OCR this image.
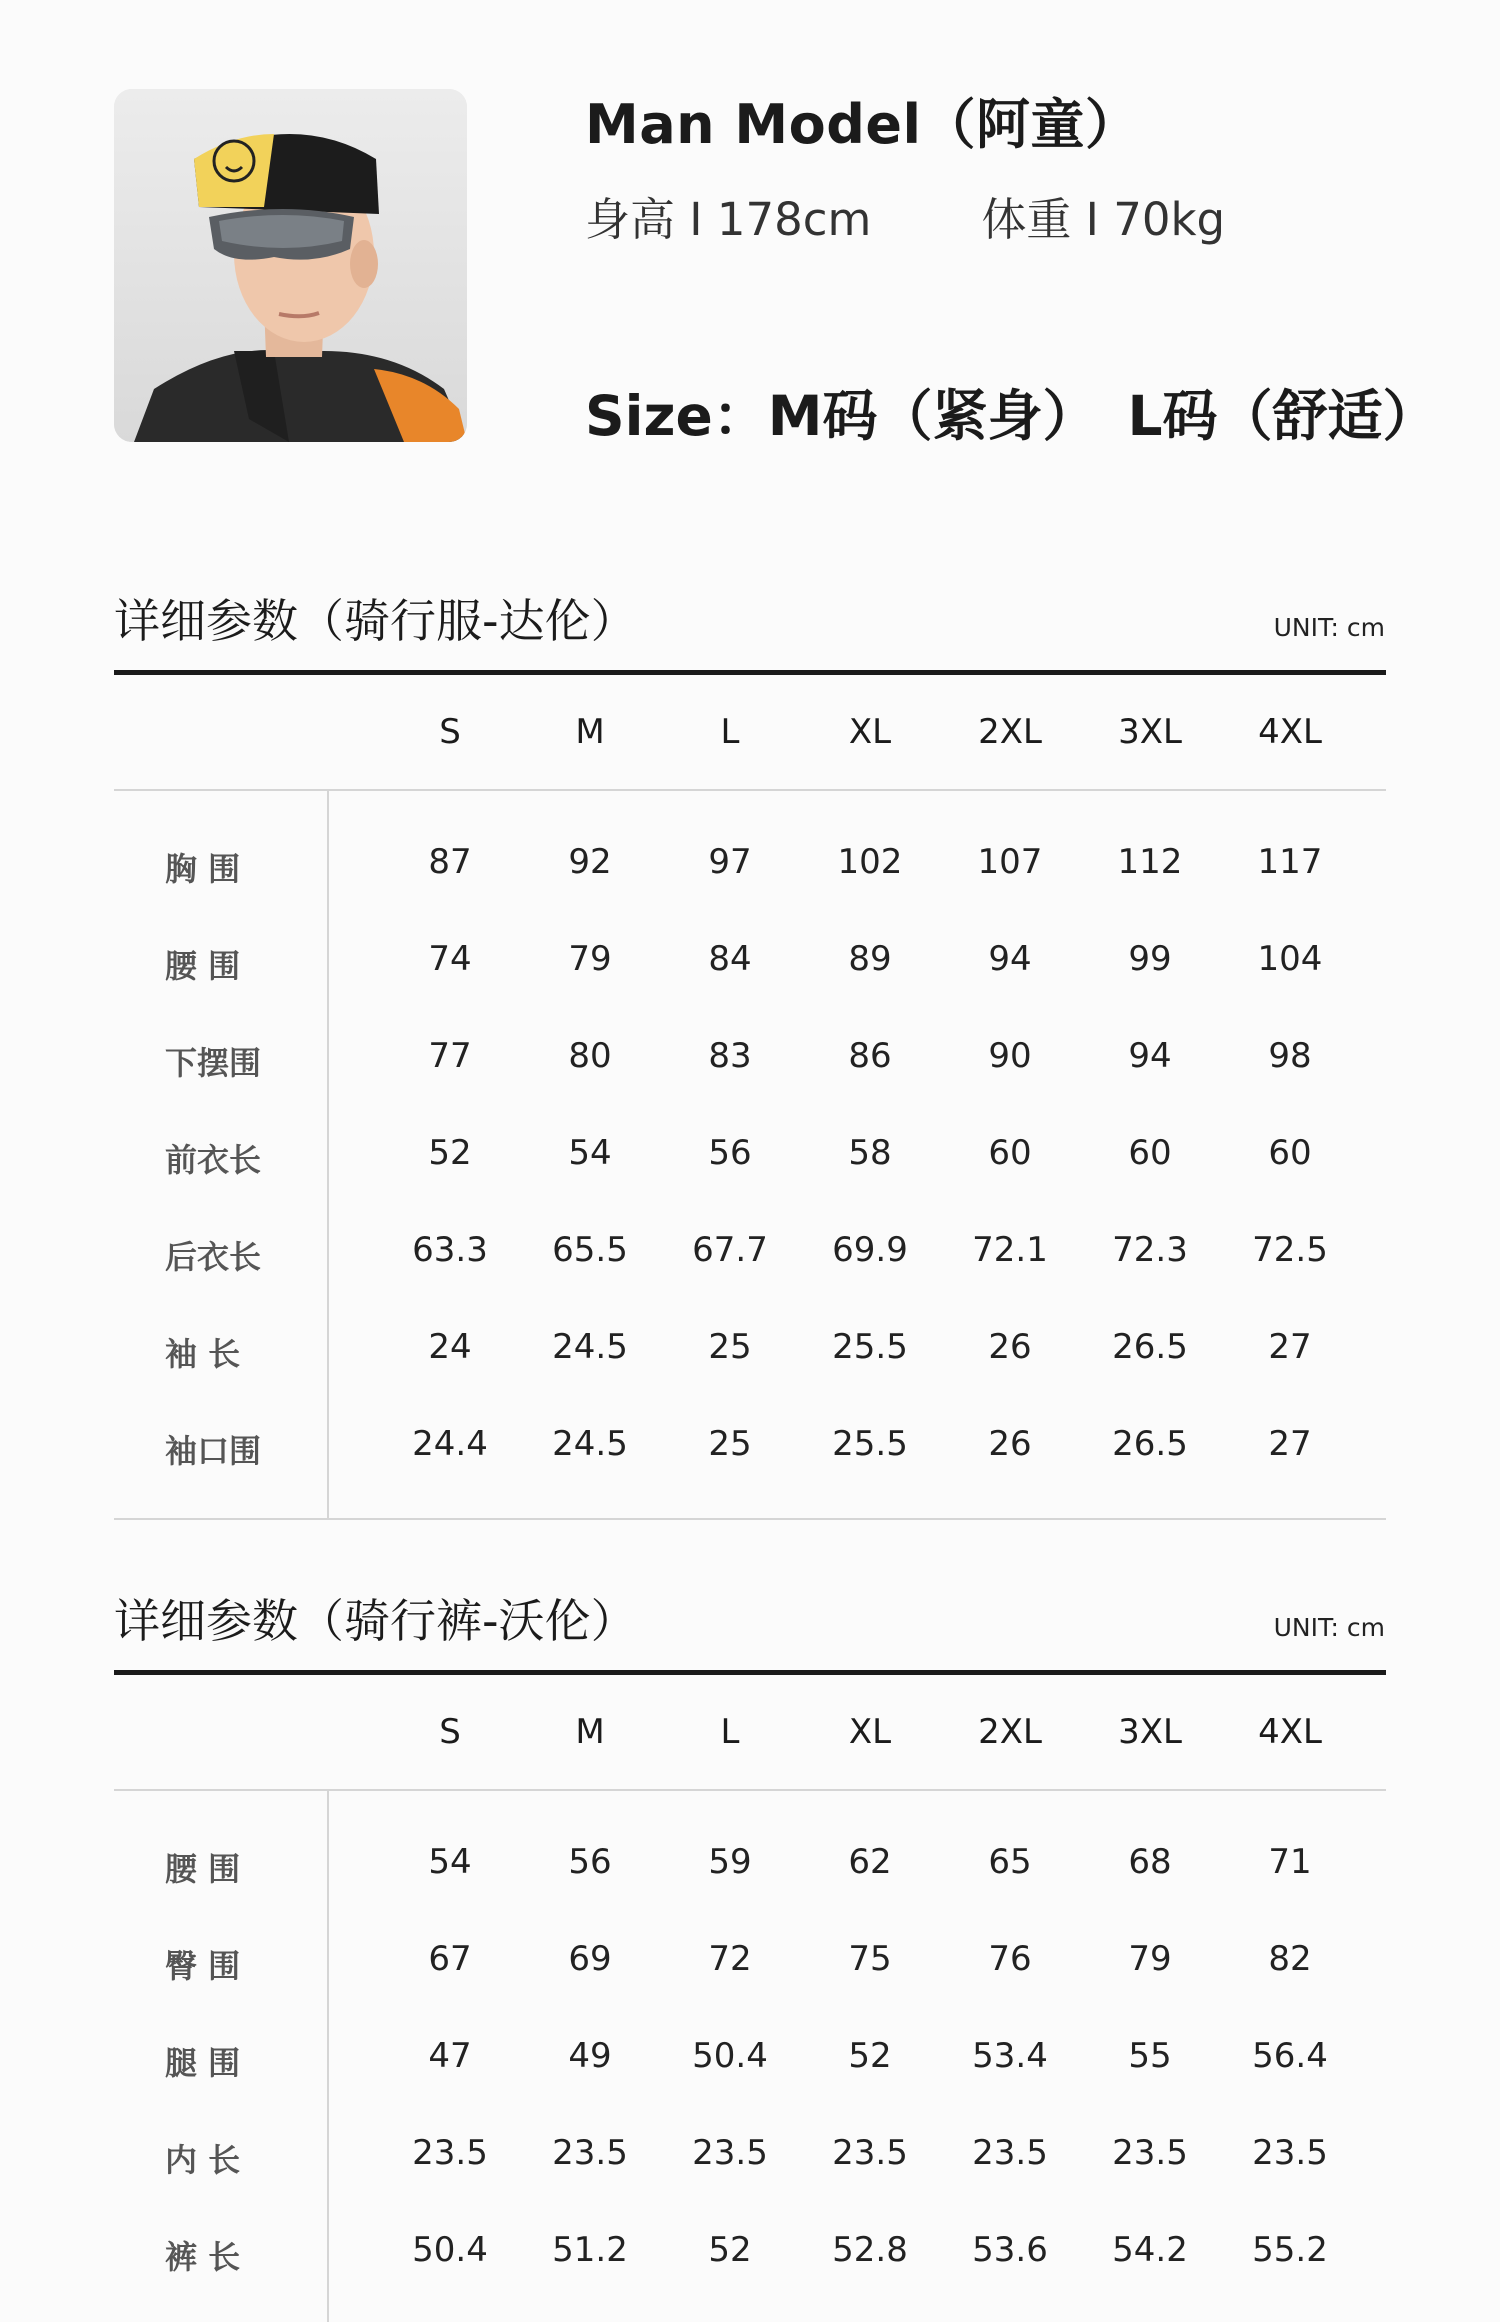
Man Model（阿童）
身高 I 178cm 体重 I 70kg
Size：M码（紧身） L码（舒适）
详细参数（骑行服-达伦）	UNIT: cm
S	M	L	XL	2XL	3XL	4XL
胸 围	87	92	97	102	107	112	117
腰 围	74	79	84	89	94	99	104
下摆围	77	80	83	86	90	94	98
前衣长	52	54	56	58	60	60	60
后衣长	63.3	65.5	67.7	69.9	72.1	72.3	72.5
袖 长	24	24.5	25	25.5	26	26.5	27
袖口围	24.4	24.5	25	25.5	26	26.5	27
详细参数（骑行裤-沃伦）	UNIT: cm
S	M	L	XL	2XL	3XL	4XL
腰 围	54	56	59	62	65	68	71
臀 围	67	69	72	75	76	79	82
腿 围	47	49	50.4	52	53.4	55	56.4
内 长	23.5	23.5	23.5	23.5	23.5	23.5	23.5
裤 长	50.4	51.2	52	52.8	53.6	54.2	55.2
